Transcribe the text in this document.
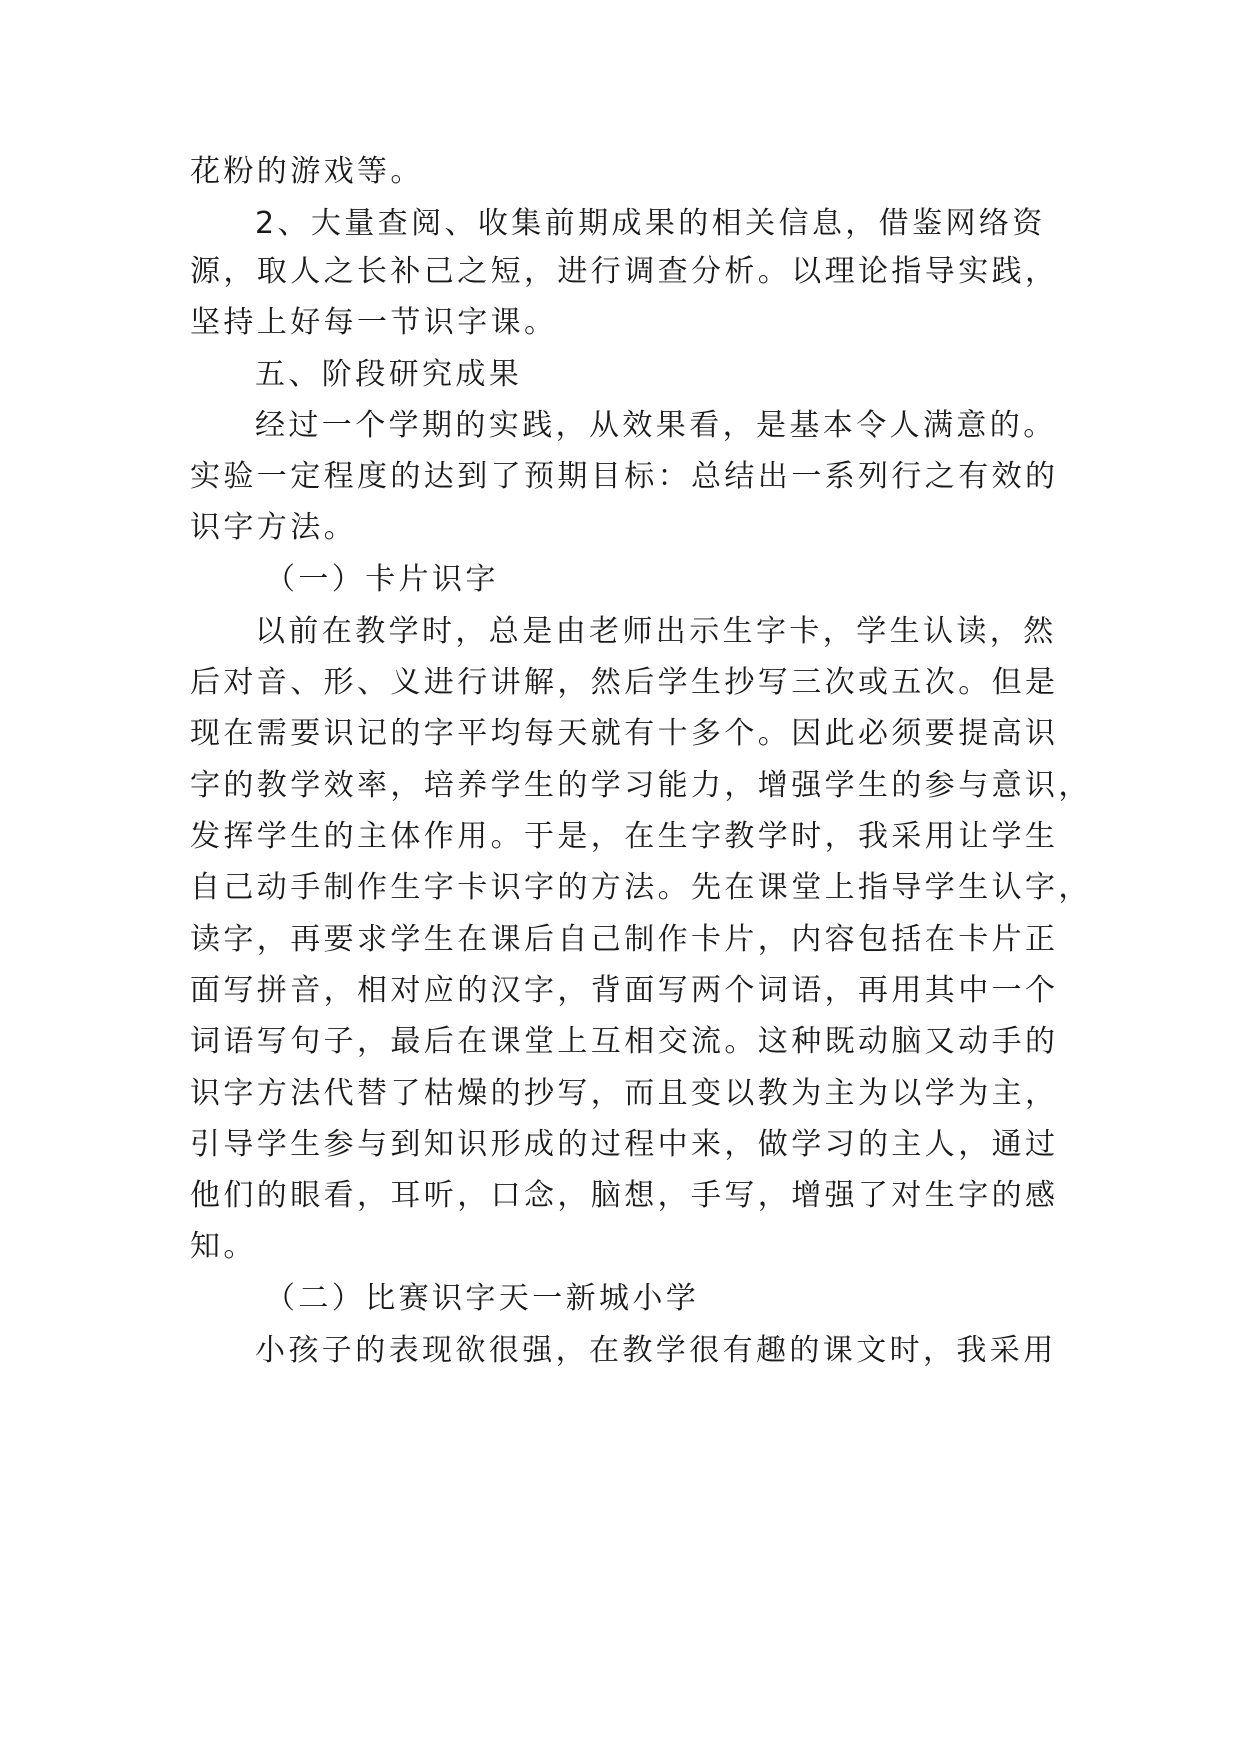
花粉的游戏等。
2、大量查阅、收集前期成果的相关信息，借鉴网络资
源，取人之长补己之短，进行调查分析。以理论指导实践，
坚持上好每一节识字课。
五、阶段研究成果
经过一个学期的实践，从效果看，是基本令人满意的。
实验一定程度的达到了预期目标：总结出一系列行之有效的
识字方法。
（一）卡片识字
以前在教学时，总是由老师出示生字卡，学生认读，然
后对音、形、义进行讲解，然后学生抄写三次或五次。但是
现在需要识记的字平均每天就有十多个。因此必须要提高识
字的教学效率，培养学生的学习能力，增强学生的参与意识，
发挥学生的主体作用。于是，在生字教学时，我采用让学生
自己动手制作生字卡识字的方法。先在课堂上指导学生认字，
读字，再要求学生在课后自己制作卡片，内容包括在卡片正
面写拼音，相对应的汉字，背面写两个词语，再用其中一个
词语写句子，最后在课堂上互相交流。这种既动脑又动手的
识字方法代替了枯燥的抄写，而且变以教为主为以学为主，
引导学生参与到知识形成的过程中来，做学习的主人，通过
他们的眼看，耳听，口念，脑想，手写，增强了对生字的感
知。
（二）比赛识字天一新城小学
小孩子的表现欲很强，在教学很有趣的课文时，我采用
